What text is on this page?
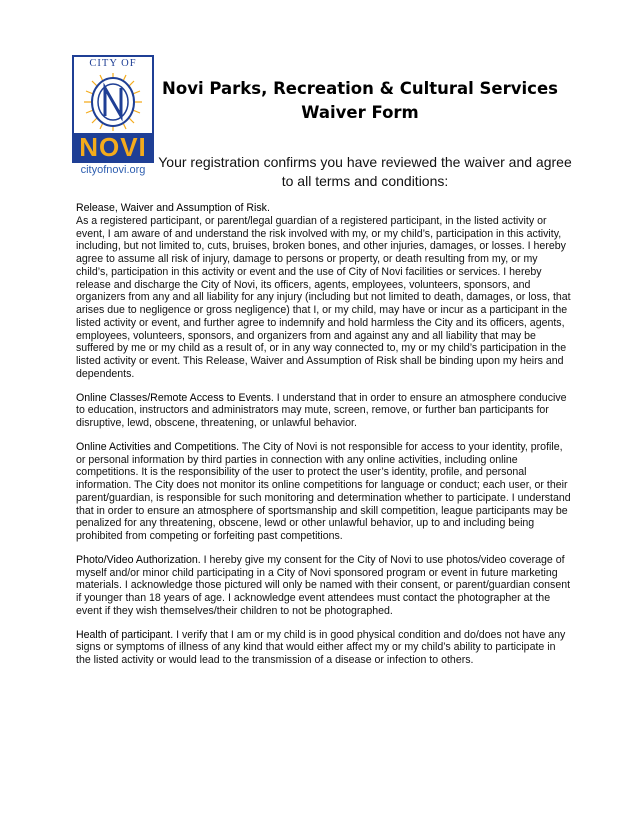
CITY OF
NOVI
cityofnovi.org
Novi Parks, Recreation & Cultural Services
Waiver Form
Your registration confirms you have reviewed the waiver and agree
to all terms and conditions:
Release, Waiver and Assumption of Risk.
As a registered participant, or parent/legal guardian of a registered participant, in the listed activity or event, I am aware of and understand the risk involved with my, or my child’s, participation in this activity, including, but not limited to, cuts, bruises, broken bones, and other injuries, damages, or losses. I hereby agree to assume all risk of injury, damage to persons or property, or death resulting from my, or my child’s, participation in this activity or event and the use of City of Novi facilities or services. I hereby release and discharge the City of Novi, its officers, agents, employees, volunteers, sponsors, and organizers from any and all liability for any injury (including but not limited to death, damages, or loss, that arises due to negligence or gross negligence) that I, or my child, may have or incur as a participant in the listed activity or event, and further agree to indemnify and hold harmless the City and its officers, agents, employees, volunteers, sponsors, and organizers from and against any and all liability that may be suffered by me or my child as a result of, or in any way connected to, my or my child’s participation in the listed activity or event. This Release, Waiver and Assumption of Risk shall be binding upon my heirs and dependents.
Online Classes/Remote Access to Events. I understand that in order to ensure an atmosphere conducive to education, instructors and administrators may mute, screen, remove, or further ban participants for disruptive, lewd, obscene, threatening, or unlawful behavior.
Online Activities and Competitions. The City of Novi is not responsible for access to your identity, profile, or personal information by third parties in connection with any online activities, including online competitions. It is the responsibility of the user to protect the user’s identity, profile, and personal information. The City does not monitor its online competitions for language or conduct; each user, or their parent/guardian, is responsible for such monitoring and determination whether to participate. I understand that in order to ensure an atmosphere of sportsmanship and skill competition, league participants may be penalized for any threatening, obscene, lewd or other unlawful behavior, up to and including being prohibited from competing or forfeiting past competitions.
Photo/Video Authorization. I hereby give my consent for the City of Novi to use photos/video coverage of myself and/or minor child participating in a City of Novi sponsored program or event in future marketing materials. I acknowledge those pictured will only be named with their consent, or parent/guardian consent if younger than 18 years of age. I acknowledge event attendees must contact the photographer at the event if they wish themselves/their children to not be photographed.
Health of participant. I verify that I am or my child is in good physical condition and do/does not have any signs or symptoms of illness of any kind that would either affect my or my child’s ability to participate in the listed activity or would lead to the transmission of a disease or infection to others.
